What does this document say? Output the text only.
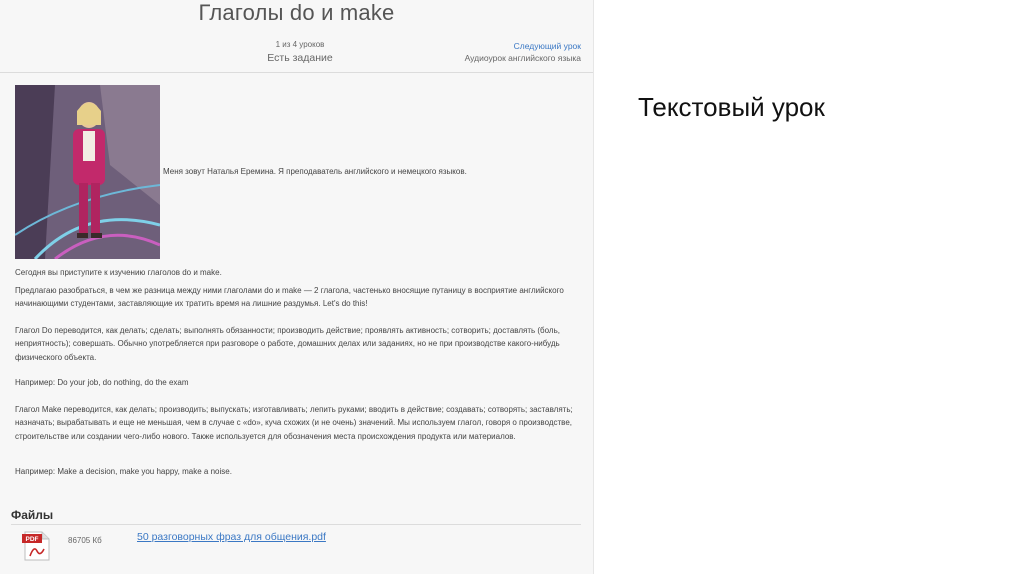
Глаголы do и make
1 из 4 уроков
Есть задание
Следующий урок
Аудиоурок английского языка
Меня зовут Наталья Еремина. Я преподаватель английского и немецкого языков.
Сегодня вы приступите к изучению глаголов do и make.
Предлагаю разобраться, в чем же разница между ними глаголами do и make — 2 глагола, частенько вносящие путаницу в восприятие английского начинающими студентами, заставляющие их тратить время на лишние раздумья. Let's do this!
Глагол Do переводится, как делать; сделать; выполнять обязанности; производить действие; проявлять активность; сотворить; доставлять (боль, неприятность); совершать. Обычно употребляется при разговоре о работе, домашних делах или заданиях, но не при производстве какого-нибудь физического объекта.
Например: Do your job, do nothing, do the exam
Глагол Make переводится, как делать; производить; выпускать; изготавливать; лепить руками; вводить в действие; создавать; сотворять; заставлять; назначать; вырабатывать и еще не меньшая, чем в случае с «do», куча схожих (и не очень) значений. Мы используем глагол, говоря о производстве, строительстве или создании чего-либо нового. Также используется для обозначения места происхождения продукта или материалов.
Например: Make a decision, make you happy, make a noise.
Файлы
PDF	86705 Кб	50 разговорных фраз для общения.pdf
Текстовый урок
